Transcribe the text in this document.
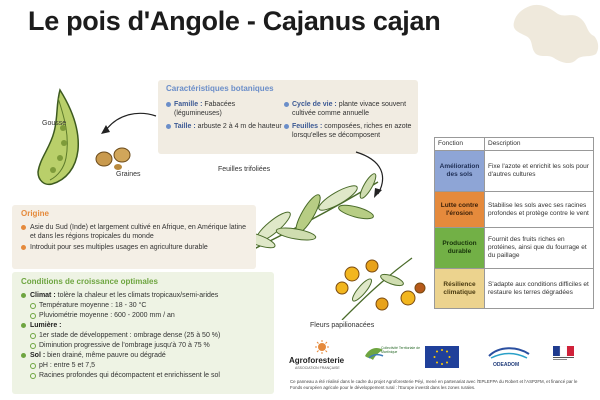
Le pois d'Angole - Cajanus cajan
Gousse
Graines
Caractéristiques botaniques
Famille : Fabacées (légumineuses)
Taille : arbuste 2 à 4 m de hauteur
Cycle de vie : plante vivace souvent cultivée comme annuelle
Feuilles : composées, riches en azote lorsqu'elles se décomposent
Feuilles trifoliées
Fleurs papilionacées
Origine
Asie du Sud (Inde) et largement cultivé en Afrique, en Amérique latine et dans les régions tropicales du monde
Introduit pour ses multiples usages en agriculture durable
Conditions de croissance optimales
Climat : tolère la chaleur et les climats tropicaux/semi-arides
Température moyenne : 18 - 30 °C
Pluviométrie moyenne : 600 - 2000 mm / an
Lumière :
1er stade de développement : ombrage dense (25 à 50 %)
Diminution progressive de l'ombrage jusqu'à 70 à 75 %
Sol : bien drainé, même pauvre ou dégradé
pH : entre 5 et 7,5
Racines profondes qui décompactent et enrichissent le sol
Fonction	Description
Amélioration des sols	Fixe l'azote et enrichit les sols pour d'autres cultures
Lutte contre l'érosion	Stabilise les sols avec ses racines profondes et protège contre le vent
Production durable	Fournit des fruits riches en protéines, ainsi que du fourrage et du paillage
Résilience climatique	S'adapte aux conditions difficiles et restaure les terres dégradées
Agroforesterie
ASSOCIATION FRANÇAISE
Collectivité Territoriale de Martinique
ODEADOM
Ce panneau a été réalisé dans le cadre du projet Agroforesterie Péyi, mené en partenariat avec l'EPLEFPA du Robert et l'ASP2FM, et financé par le Fonds européen agricole pour le développement rural : l'Europe investit dans les zones rurales.
